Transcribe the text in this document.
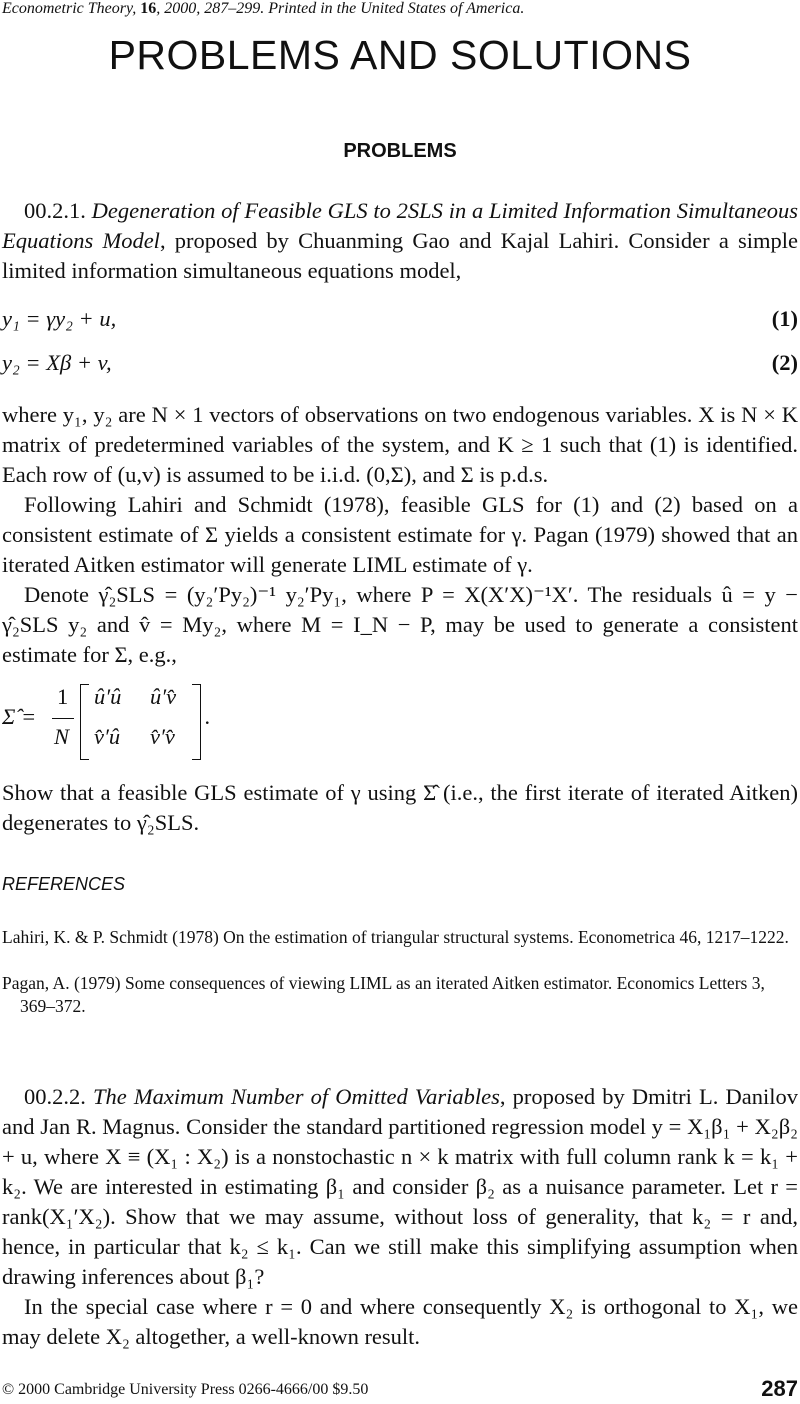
Econometric Theory, 16, 2000, 287–299. Printed in the United States of America.
PROBLEMS AND SOLUTIONS
PROBLEMS
00.2.1. Degeneration of Feasible GLS to 2SLS in a Limited Information Simultaneous Equations Model, proposed by Chuanming Gao and Kajal Lahiri. Consider a simple limited information simultaneous equations model,
y₁ = γy₂ + u,	(1)
y₂ = Xβ + v,	(2)
where y₁, y₂ are N × 1 vectors of observations on two endogenous variables. X is N × K matrix of predetermined variables of the system, and K ≥ 1 such that (1) is identified. Each row of (u,v) is assumed to be i.i.d. (0,Σ), and Σ is p.d.s.
Following Lahiri and Schmidt (1978), feasible GLS for (1) and (2) based on a consistent estimate of Σ yields a consistent estimate for γ. Pagan (1979) showed that an iterated Aitken estimator will generate LIML estimate of γ.
Denote γ̂₂SLS = (y₂′Py₂)⁻¹ y₂′Py₁, where P = X(X′X)⁻¹X′. The residuals û = y − γ̂₂SLS y₂ and v̂ = My₂, where M = I_N − P, may be used to generate a consistent estimate for Σ, e.g.,
Σ̂ =
1
N
û′û û′v̂
v̂′û v̂′v̂
.
Show that a feasible GLS estimate of γ using Σ̂ (i.e., the first iterate of iterated Aitken) degenerates to γ̂₂SLS.
REFERENCES
Lahiri, K. & P. Schmidt (1978) On the estimation of triangular structural systems. Econometrica 46, 1217–1222.
Pagan, A. (1979) Some consequences of viewing LIML as an iterated Aitken estimator. Economics Letters 3, 369–372.
00.2.2. The Maximum Number of Omitted Variables, proposed by Dmitri L. Danilov and Jan R. Magnus. Consider the standard partitioned regression model y = X₁β₁ + X₂β₂ + u, where X ≡ (X₁ : X₂) is a nonstochastic n × k matrix with full column rank k = k₁ + k₂. We are interested in estimating β₁ and consider β₂ as a nuisance parameter. Let r = rank(X₁′X₂). Show that we may assume, without loss of generality, that k₂ = r and, hence, in particular that k₂ ≤ k₁. Can we still make this simplifying assumption when drawing inferences about β₁?
In the special case where r = 0 and where consequently X₂ is orthogonal to X₁, we may delete X₂ altogether, a well-known result.
© 2000 Cambridge University Press 0266-4666/00 $9.50	287
